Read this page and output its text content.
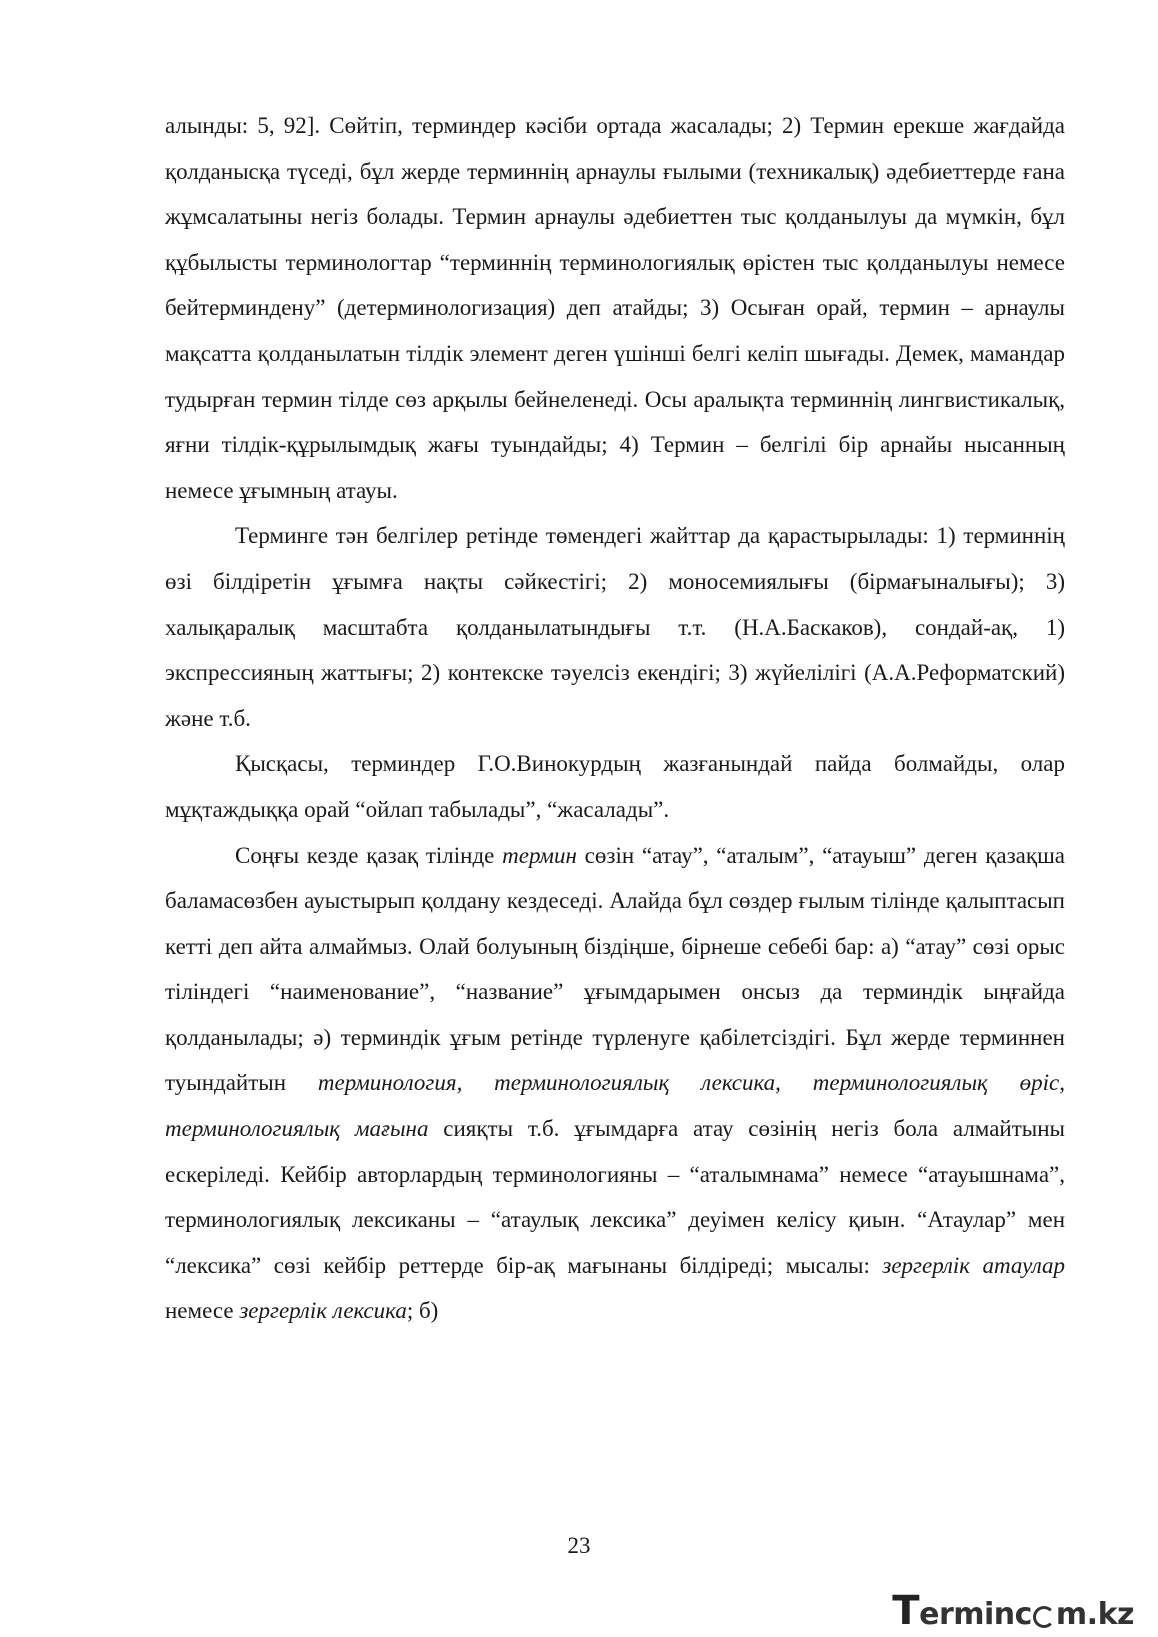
алынды: 5, 92]. Сөйтіп, терминдер кәсіби ортада жасалады; 2) Термин ерекше жағдайда қолданысқа түседі, бұл жерде терминнің арнаулы ғылыми (техникалық) әдебиеттерде ғана жұмсалатыны негіз болады. Термин арнаулы әдебиеттен тыс қолданылуы да мүмкін, бұл құбылысты терминологтар “терминнің терминологиялық өрістен тыс қолданылуы немесе бейтерминдену” (детерминологизация) деп атайды; 3) Осыған орай, термин – арнаулы мақсатта қолданылатын тілдік элемент деген үшінші белгі келіп шығады. Демек, мамандар тудырған термин тілде сөз арқылы бейнеленеді. Осы аралықта терминнің лингвистикалық, яғни тілдік-құрылымдық жағы туындайды; 4) Термин – белгілі бір арнайы нысанның немесе ұғымның атауы.

Терминге тән белгілер ретінде төмендегі жайттар да қарастырылады: 1) терминнің өзі білдіретін ұғымға нақты сәйкестігі; 2) моносемиялығы (бірмағыналығы); 3) халықаралық масштабта қолданылатындығы т.т. (Н.А.Баскаков), сондай-ақ, 1) экспрессияның жаттығы; 2) контекске тәуелсіз екендігі; 3) жүйелілігі (А.А.Реформатский) және т.б.

Қысқасы, терминдер Г.О.Винокурдың жазғанындай пайда болмайды, олар мұқтаждыққа орай “ойлап табылады”, “жасалады”.

Соңғы кезде қазақ тілінде термин сөзін “атау”, “аталым”, “атауыш” деген қазақша баламасөзбен ауыстырып қолдану кездеседі. Алайда бұл сөздер ғылым тілінде қалыптасып кетті деп айта алмаймыз. Олай болуының біздіңше, бірнеше себебі бар: а) “атау” сөзі орыс тіліндегі “наименование”, “название” ұғымдарымен онсыз да терминдік ыңғайда қолданылады; ә) терминдік ұғым ретінде түрленуге қабілетсіздігі. Бұл жерде терминнен туындайтын терминология, терминологиялық лексика, терминологиялық өріс, терминологиялық мағына сияқты т.б. ұғымдарға атау сөзінің негіз бола алмайтыны ескеріледі. Кейбір авторлардың терминологияны – “аталымнама” немесе “атауышнама”, терминологиялық лексиканы – “атаулық лексика” деуімен келісу қиын. “Атаулар” мен “лексика” сөзі кейбір реттерде бір-ақ мағынаны білдіреді; мысалы: зергерлік атаулар немесе зергерлік лексика; б)

23
Terminc m.kz
